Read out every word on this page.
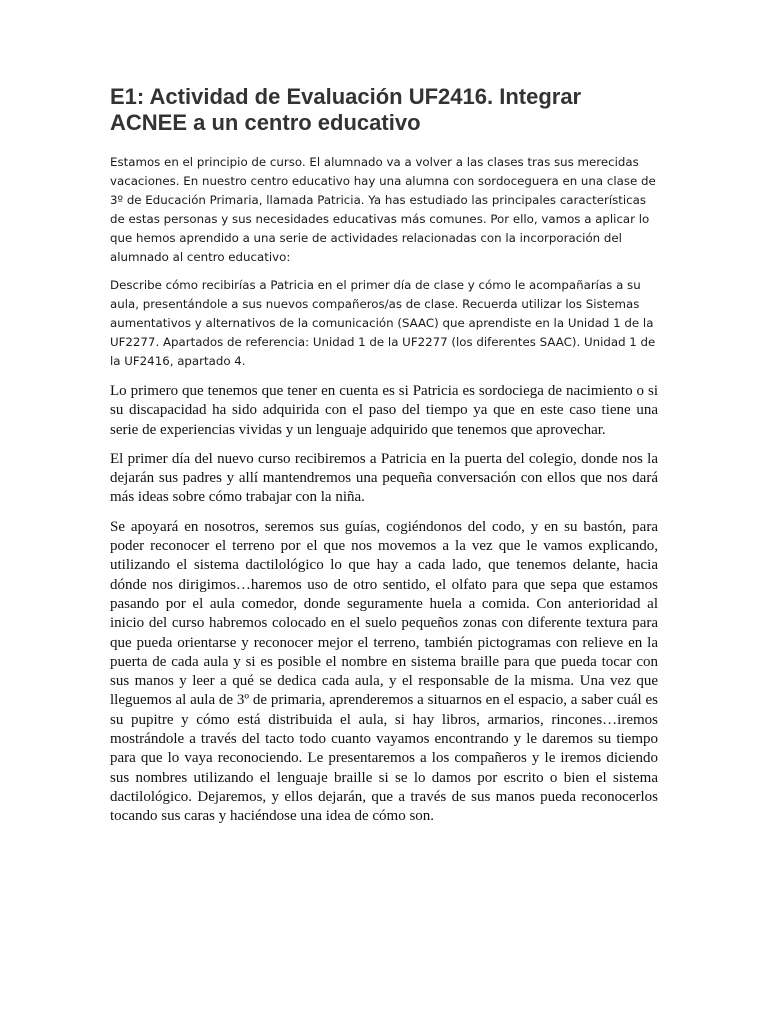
E1: Actividad de Evaluación UF2416. Integrar ACNEE a un centro educativo

Estamos en el principio de curso. El alumnado va a volver a las clases tras sus merecidas vacaciones. En nuestro centro educativo hay una alumna con sordoceguera en una clase de 3º de Educación Primaria, llamada Patricia. Ya has estudiado las principales características de estas personas y sus necesidades educativas más comunes. Por ello, vamos a aplicar lo que hemos aprendido a una serie de actividades relacionadas con la incorporación del alumnado al centro educativo:

Describe cómo recibirías a Patricia en el primer día de clase y cómo le acompañarías a su aula, presentándole a sus nuevos compañeros/as de clase. Recuerda utilizar los Sistemas aumentativos y alternativos de la comunicación (SAAC) que aprendiste en la Unidad 1 de la UF2277. Apartados de referencia: Unidad 1 de la UF2277 (los diferentes SAAC). Unidad 1 de la UF2416, apartado 4.

Lo primero que tenemos que tener en cuenta es si Patricia es sordociega de nacimiento o si su discapacidad ha sido adquirida con el paso del tiempo ya que en este caso tiene una serie de experiencias vividas y un lenguaje adquirido que tenemos que aprovechar.

El primer día del nuevo curso recibiremos a Patricia en la puerta del colegio, donde nos la dejarán sus padres y allí mantendremos una pequeña conversación con ellos que nos dará más ideas sobre cómo trabajar con la niña.

Se apoyará en nosotros, seremos sus guías, cogiéndonos del codo, y en su bastón, para poder reconocer el terreno por el que nos movemos a la vez que le vamos explicando, utilizando el sistema dactilológico lo que hay a cada lado, que tenemos delante, hacia dónde nos dirigimos…haremos uso de otro sentido, el olfato para que sepa que estamos pasando por el aula comedor, donde seguramente huela a comida. Con anterioridad al inicio del curso habremos colocado en el suelo pequeños zonas con diferente textura para que pueda orientarse y reconocer mejor el terreno, también pictogramas con relieve en la puerta de cada aula y si es posible el nombre en sistema braille para que pueda tocar con sus manos y leer a qué se dedica cada aula, y el responsable de la misma. Una vez que lleguemos al aula de 3º de primaria, aprenderemos a situarnos en el espacio, a saber cuál es su pupitre y cómo está distribuida el aula, si hay libros, armarios, rincones…iremos mostrándole a través del tacto todo cuanto vayamos encontrando y le daremos su tiempo para que lo vaya reconociendo. Le presentaremos a los compañeros y le iremos diciendo sus nombres utilizando el lenguaje braille si se lo damos por escrito o bien el sistema dactilológico. Dejaremos, y ellos dejarán, que a través de sus manos pueda reconocerlos tocando sus caras y haciéndose una idea de cómo son.
